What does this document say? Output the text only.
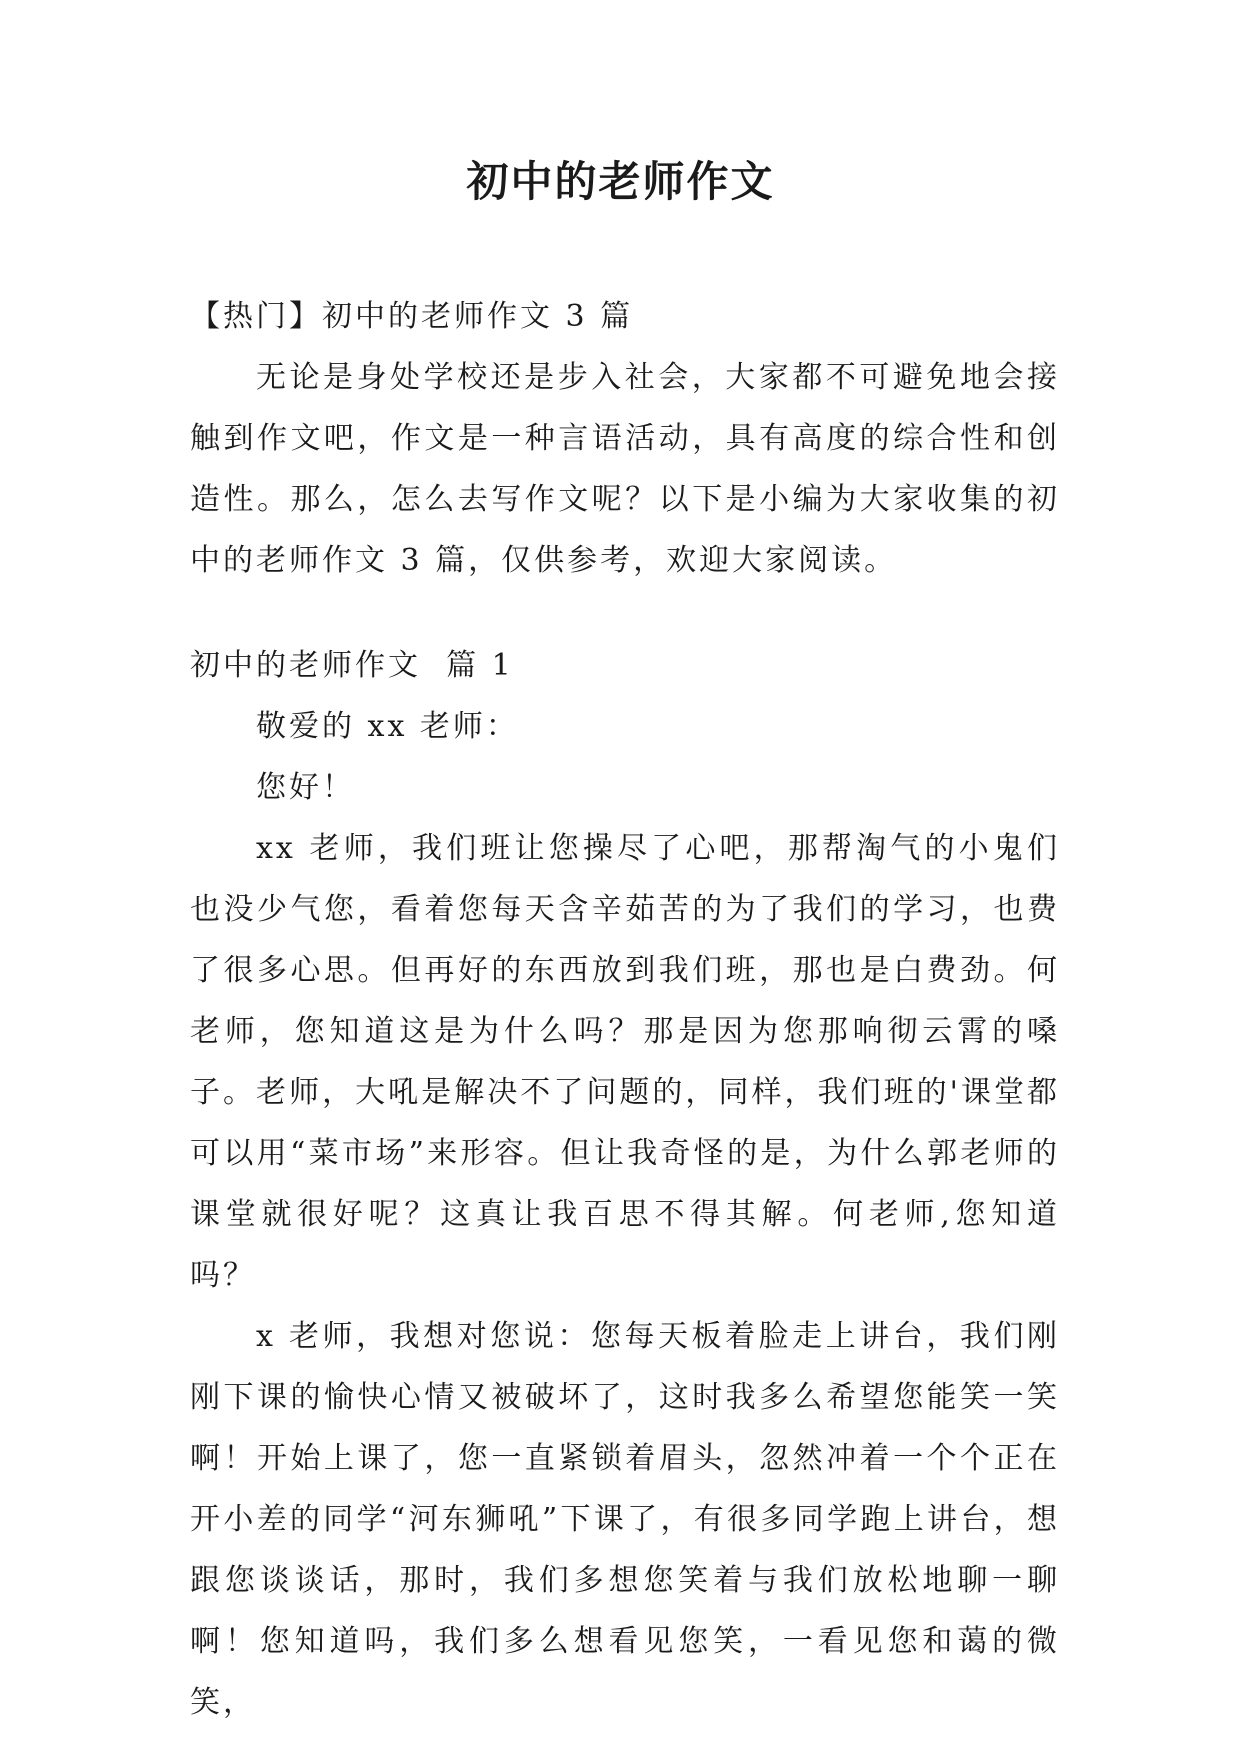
初中的老师作文

【热门】初中的老师作文 3 篇

无论是身处学校还是步入社会，大家都不可避免地会接触到作文吧，作文是一种言语活动，具有高度的综合性和创造性。那么，怎么去写作文呢？以下是小编为大家收集的初中的老师作文 3 篇，仅供参考，欢迎大家阅读。

初中的老师作文  篇 1

敬爱的 xx 老师：

您好！

xx 老师，我们班让您操尽了心吧，那帮淘气的小鬼们也没少气您，看着您每天含辛茹苦的为了我们的学习，也费了很多心思。但再好的东西放到我们班，那也是白费劲。何老师，您知道这是为什么吗？那是因为您那响彻云霄的嗓子。老师，大吼是解决不了问题的，同样，我们班的'课堂都可以用“菜市场”来形容。但让我奇怪的是，为什么郭老师的课堂就很好呢？这真让我百思不得其解。何老师,您知道吗？

x 老师，我想对您说：您每天板着脸走上讲台，我们刚刚下课的愉快心情又被破坏了，这时我多么希望您能笑一笑啊！开始上课了，您一直紧锁着眉头，忽然冲着一个个正在开小差的同学“河东狮吼”下课了，有很多同学跑上讲台，想跟您谈谈话，那时，我们多想您笑着与我们放松地聊一聊啊！您知道吗，我们多么想看见您笑，一看见您和蔼的微笑，
